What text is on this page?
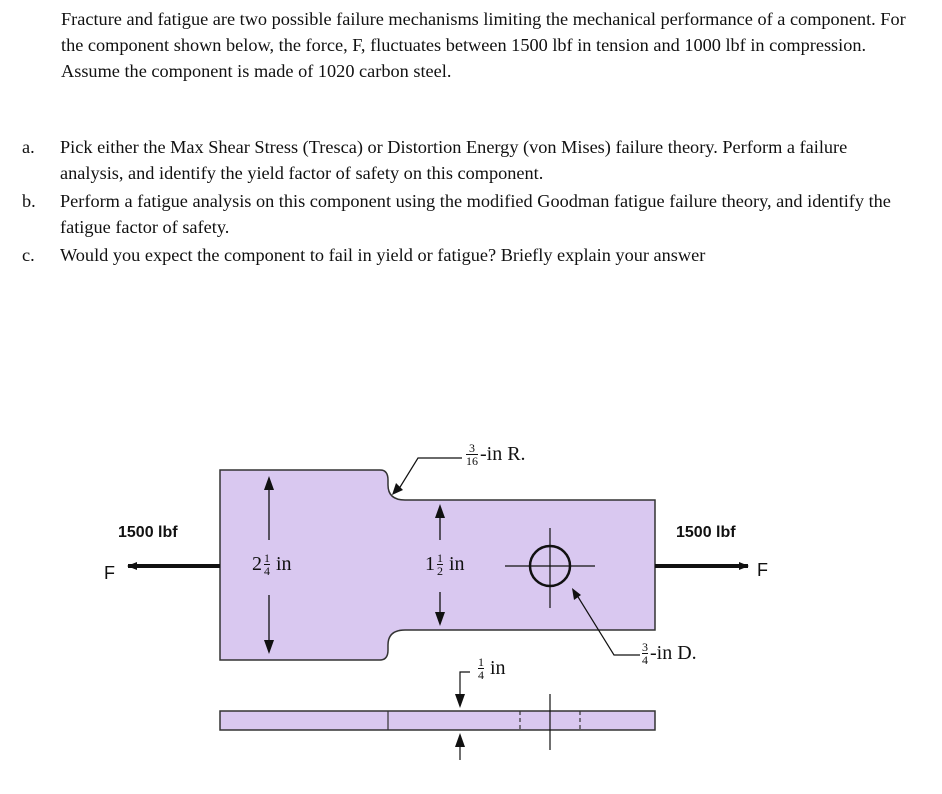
Fracture and fatigue are two possible failure mechanisms limiting the mechanical performance of a component. For the component shown below, the force, F, fluctuates between 1500 lbf in tension and 1000 lbf in compression. Assume the component is made of 1020 carbon steel.

a.	Pick either the Max Shear Stress (Tresca) or Distortion Energy (von Mises) failure theory. Perform a failure analysis, and identify the yield factor of safety on this component.
b.	Perform a fatigue analysis on this component using the modified Goodman fatigue failure theory, and identify the fatigue factor of safety.
c.	Would you expect the component to fail in yield or fatigue? Briefly explain your answer
1500 lbf	1500 lbf
F	F
$2 \frac{1}{4}$ in	$1 \frac{1}{2}$ in
$\frac{3}{16} -in$ R.
$\frac{3}{4} -in$ D.
$\frac{1}{4}$ in
